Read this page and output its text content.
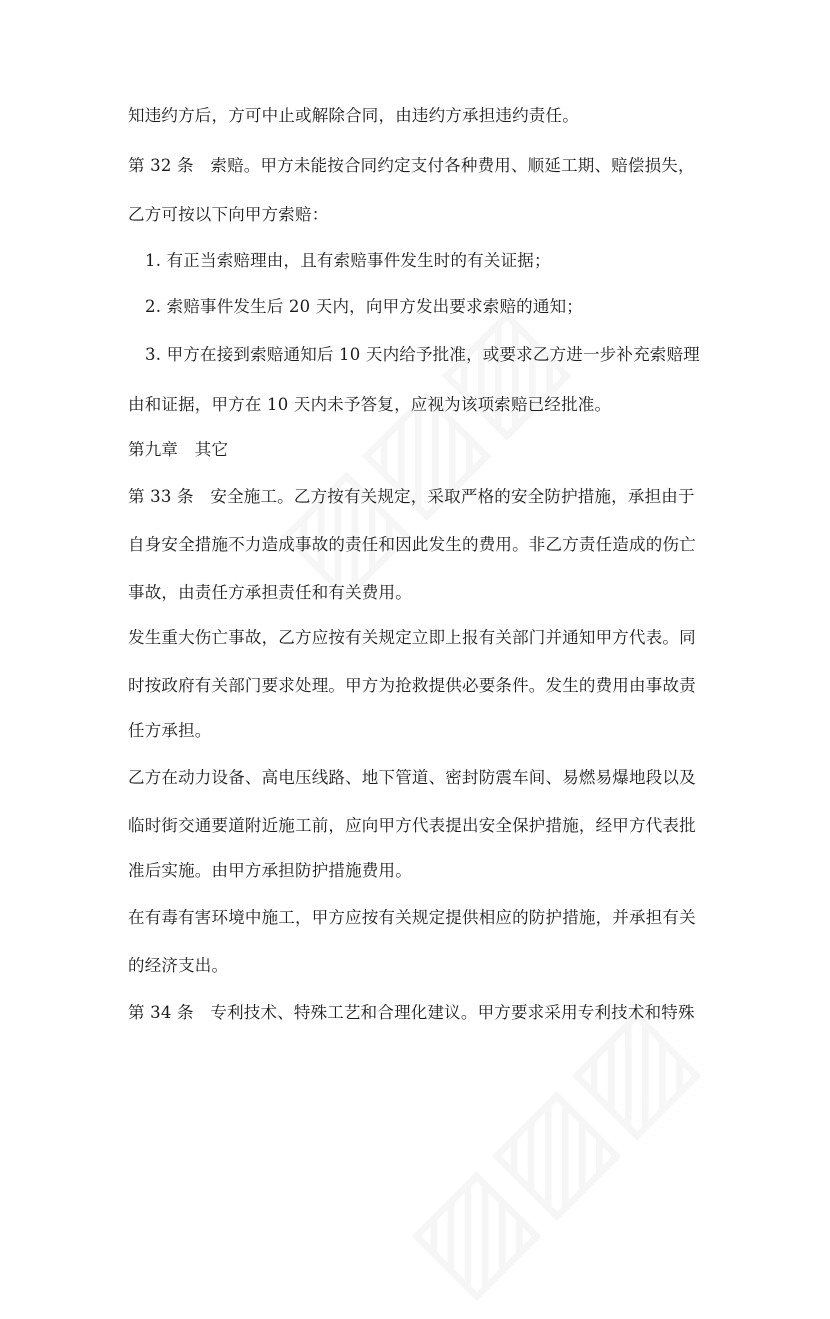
知违约方后，方可中止或解除合同，由违约方承担违约责任。
第 32 条　索赔。甲方未能按合同约定支付各种费用、顺延工期、赔偿损失，
乙方可按以下向甲方索赔：
1. 有正当索赔理由，且有索赔事件发生时的有关证据；
2. 索赔事件发生后 20 天内，向甲方发出要求索赔的通知；
3. 甲方在接到索赔通知后 10 天内给予批准，或要求乙方进一步补充索赔理
由和证据，甲方在 10 天内未予答复，应视为该项索赔已经批准。
第九章　其它
第 33 条　安全施工。乙方按有关规定，采取严格的安全防护措施，承担由于
自身安全措施不力造成事故的责任和因此发生的费用。非乙方责任造成的伤亡
事故，由责任方承担责任和有关费用。
发生重大伤亡事故，乙方应按有关规定立即上报有关部门并通知甲方代表。同
时按政府有关部门要求处理。甲方为抢救提供必要条件。发生的费用由事故责
任方承担。
乙方在动力设备、高电压线路、地下管道、密封防震车间、易燃易爆地段以及
临时街交通要道附近施工前，应向甲方代表提出安全保护措施，经甲方代表批
准后实施。由甲方承担防护措施费用。
在有毒有害环境中施工，甲方应按有关规定提供相应的防护措施，并承担有关
的经济支出。
第 34 条　专利技术、特殊工艺和合理化建议。甲方要求采用专利技术和特殊
